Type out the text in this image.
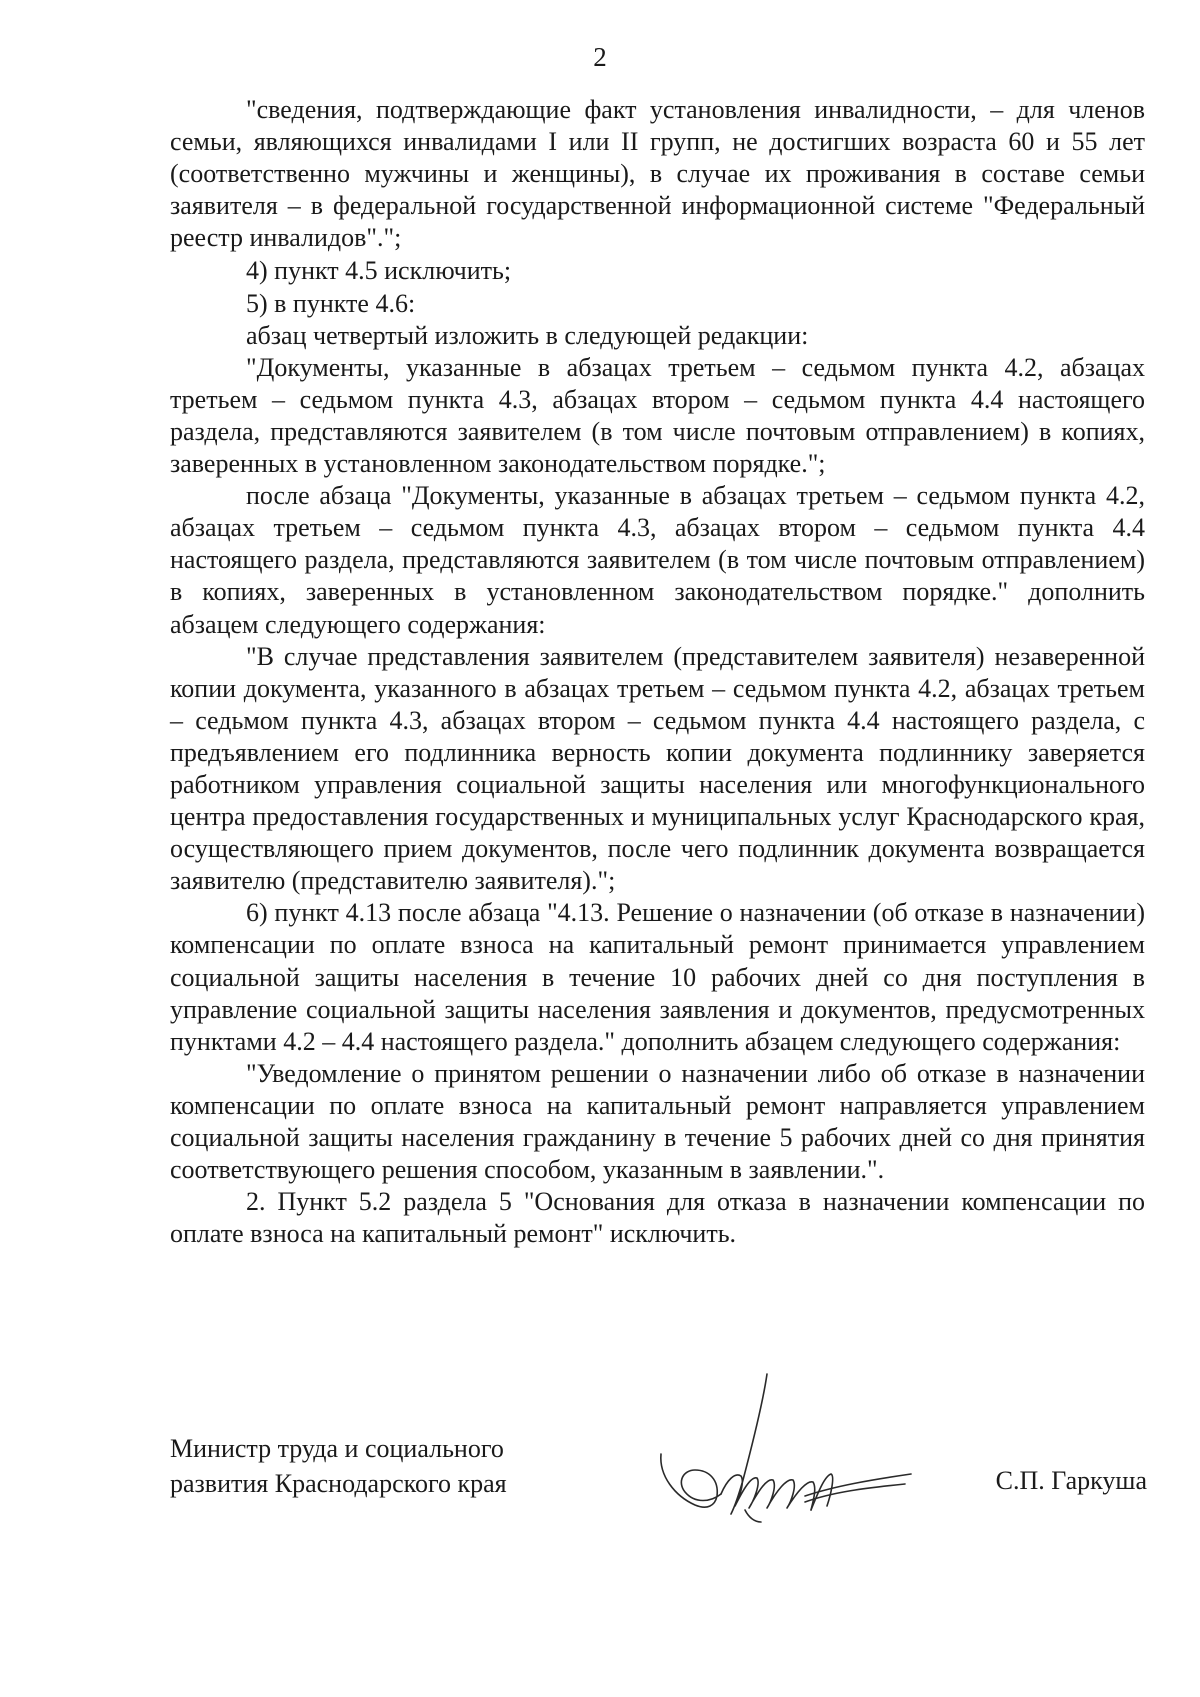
2

"сведения, подтверждающие факт установления инвалидности, – для членов семьи, являющихся инвалидами I или II групп, не достигших возраста 60 и 55 лет (соответственно мужчины и женщины), в случае их проживания в составе семьи заявителя – в федеральной государственной информационной системе "Федеральный реестр инвалидов".";

4) пункт 4.5 исключить;

5) в пункте 4.6:

абзац четвертый изложить в следующей редакции:

"Документы, указанные в абзацах третьем – седьмом пункта 4.2, абзацах третьем – седьмом пункта 4.3, абзацах втором – седьмом пункта 4.4 настоящего раздела, представляются заявителем (в том числе почтовым отправлением) в копиях, заверенных в установленном законодательством порядке.";

после абзаца "Документы, указанные в абзацах третьем – седьмом пункта 4.2, абзацах третьем – седьмом пункта 4.3, абзацах втором – седьмом пункта 4.4 настоящего раздела, представляются заявителем (в том числе почтовым отправлением) в копиях, заверенных в установленном законодательством порядке." дополнить абзацем следующего содержания:

"В случае представления заявителем (представителем заявителя) незаверенной копии документа, указанного в абзацах третьем – седьмом пункта 4.2, абзацах третьем – седьмом пункта 4.3, абзацах втором – седьмом пункта 4.4 настоящего раздела, с предъявлением его подлинника верность копии документа подлиннику заверяется работником управления социальной защиты населения или многофункционального центра предоставления государственных и муниципальных услуг Краснодарского края, осуществляющего прием документов, после чего подлинник документа возвращается заявителю (представителю заявителя).";

6) пункт 4.13 после абзаца "4.13. Решение о назначении (об отказе в назначении) компенсации по оплате взноса на капитальный ремонт принимается управлением социальной защиты населения в течение 10 рабочих дней со дня поступления в управление социальной защиты населения заявления и документов, предусмотренных пунктами 4.2 – 4.4 настоящего раздела." дополнить абзацем следующего содержания:

"Уведомление о принятом решении о назначении либо об отказе в назначении компенсации по оплате взноса на капитальный ремонт направляется управлением социальной защиты населения гражданину в течение 5 рабочих дней со дня принятия соответствующего решения способом, указанным в заявлении.".

2. Пункт 5.2 раздела 5 "Основания для отказа в назначении компенсации по оплате взноса на капитальный ремонт" исключить.

Министр труда и социального
развития Краснодарского края	С.П. Гаркуша
